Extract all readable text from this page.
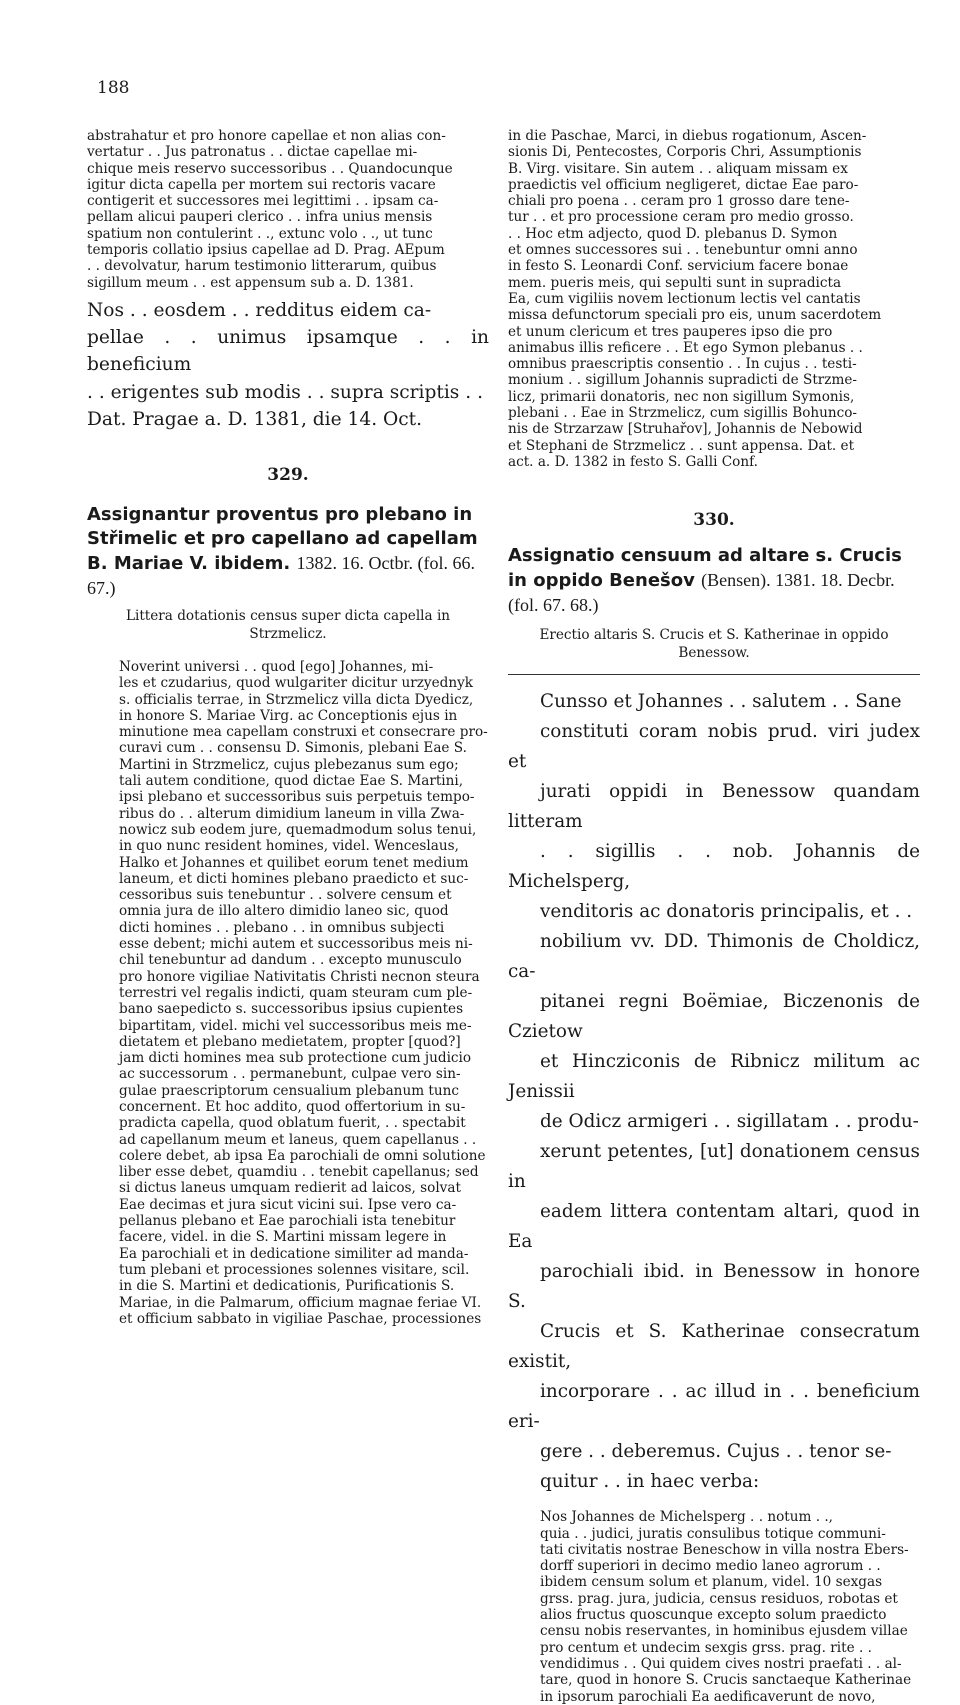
188

abstrahatur et pro honore capellae et non alias con-
vertatur . . Jus patronatus . . dictae capellae mi-
chique meis reservo successoribus . . Quandocunque
igitur dicta capella per mortem sui rectoris vacare
contigerit et successores mei legittimi . . ipsam ca-
pellam alicui pauperi clerico . . infra unius mensis
spatium non contulerint . ., extunc volo . ., ut tunc
temporis collatio ipsius capellae ad D. Prag. AEpum
. . devolvatur, harum testimonio litterarum, quibus
sigillum meum . . est appensum sub a. D. 1381.

Nos . . eosdem . . redditus eidem ca-
pellae . . unimus ipsamque . . in beneficium
. . erigentes sub modis . . supra scriptis . .
Dat. Pragae a. D. 1381, die 14. Oct.

329.

Assignantur proventus pro plebano in Střimelic et pro capellano ad capellam B. Mariae V. ibidem. 1382. 16. Octbr. (fol. 66. 67.)

Littera dotationis census super dicta capella in
Strzmelicz.

Noverint universi . . quod [ego] Johannes, mi-
les et czudarius, quod wulgariter dicitur urzyednyk
s. officialis terrae, in Strzmelicz villa dicta Dyedicz,
in honore S. Mariae Virg. ac Conceptionis ejus in
minutione mea capellam construxi et consecrare pro-
curavi cum . . consensu D. Simonis, plebani Eae S.
Martini in Strzmelicz, cujus plebezanus sum ego;
tali autem conditione, quod dictae Eae S. Martini,
ipsi plebano et successoribus suis perpetuis tempo-
ribus do . . alterum dimidium laneum in villa Zwa-
nowicz sub eodem jure, quemadmodum solus tenui,
in quo nunc resident homines, videl. Wenceslaus,
Halko et Johannes et quilibet eorum tenet medium
laneum, et dicti homines plebano praedicto et suc-
cessoribus suis tenebuntur . . solvere censum et
omnia jura de illo altero dimidio laneo sic, quod
dicti homines . . plebano . . in omnibus subjecti
esse debent; michi autem et successoribus meis ni-
chil tenebuntur ad dandum . . excepto munusculo
pro honore vigiliae Nativitatis Christi necnon steura
terrestri vel regalis indicti, quam steuram cum ple-
bano saepedicto s. successoribus ipsius cupientes
bipartitam, videl. michi vel successoribus meis me-
dietatem et plebano medietatem, propter [quod?]
jam dicti homines mea sub protectione cum judicio
ac successorum . . permanebunt, culpae vero sin-
gulae praescriptorum censualium plebanum tunc
concernent. Et hoc addito, quod offertorium in su-
pradicta capella, quod oblatum fuerit, . . spectabit
ad capellanum meum et laneus, quem capellanus . .
colere debet, ab ipsa Ea parochiali de omni solutione
liber esse debet, quamdiu . . tenebit capellanus; sed
si dictus laneus umquam redierit ad laicos, solvat
Eae decimas et jura sicut vicini sui. Ipse vero ca-
pellanus plebano et Eae parochiali ista tenebitur
facere, videl. in die S. Martini missam legere in
Ea parochiali et in dedicatione similiter ad manda-
tum plebani et processiones solennes visitare, scil.
in die S. Martini et dedicationis, Purificationis S.
Mariae, in die Palmarum, officium magnae feriae VI.
et officium sabbato in vigiliae Paschae, processiones

in die Paschae, Marci, in diebus rogationum, Ascen-
sionis Di, Pentecostes, Corporis Chri, Assumptionis
B. Virg. visitare. Sin autem . . aliquam missam ex
praedictis vel officium negligeret, dictae Eae paro-
chiali pro poena . . ceram pro 1 grosso dare tene-
tur . . et pro processione ceram pro medio grosso.
. . Hoc etm adjecto, quod D. plebanus D. Symon
et omnes successores sui . . tenebuntur omni anno
in festo S. Leonardi Conf. servicium facere bonae
mem. pueris meis, qui sepulti sunt in supradicta
Ea, cum vigiliis novem lectionum lectis vel cantatis
missa defunctorum speciali pro eis, unum sacerdotem
et unum clericum et tres pauperes ipso die pro
animabus illis reficere . . Et ego Symon plebanus . .
omnibus praescriptis consentio . . In cujus . . testi-
monium . . sigillum Johannis supradicti de Strzme-
licz, primarii donatoris, nec non sigillum Symonis,
plebani . . Eae in Strzmelicz, cum sigillis Bohunco-
nis de Strzarzaw [Struhařov], Johannis de Nebowid
et Stephani de Strzmelicz . . sunt appensa. Dat. et
act. a. D. 1382 in festo S. Galli Conf.

330.

Assignatio censuum ad altare s. Crucis in oppido Benešov (Bensen). 1381. 18. Decbr. (fol. 67. 68.)

Erectio altaris S. Crucis et S. Katherinae in oppido
Benessow.

Cunsso et Johannes . . salutem . . Sane
constituti coram nobis prud. viri judex et
jurati oppidi in Benessow quandam litteram
. . sigillis . . nob. Johannis de Michelsperg,
venditoris ac donatoris principalis, et . .
nobilium vv. DD. Thimonis de Choldicz, ca-
pitanei regni Boëmiae, Biczenonis de Czietow
et Hincziconis de Ribnicz militum ac Jenissii
de Odicz armigeri . . sigillatam . . produ-
xerunt petentes, [ut] donationem census in
eadem littera contentam altari, quod in Ea
parochiali ibid. in Benessow in honore S.
Crucis et S. Katherinae consecratum existit,
incorporare . . ac illud in . . beneficium eri-
gere . . deberemus. Cujus . . tenor se-
quitur . . in haec verba:

Nos Johannes de Michelsperg . . notum . .,
quia . . judici, juratis consulibus totique communi-
tati civitatis nostrae Beneschow in villa nostra Ebers-
dorff superiori in decimo medio laneo agrorum . .
ibidem censum solum et planum, videl. 10 sexgas
grss. prag. jura, judicia, census residuos, robotas et
alios fructus quoscunque excepto solum praedicto
censu nobis reservantes, in hominibus ejusdem villae
pro centum et undecim sexgis grss. prag. rite . .
vendidimus . . Qui quidem cives nostri praefati . . al-
tare, quod in honore S. Crucis sanctaeque Katherinae
in ipsorum parochiali Ea aedificaverunt de novo,
